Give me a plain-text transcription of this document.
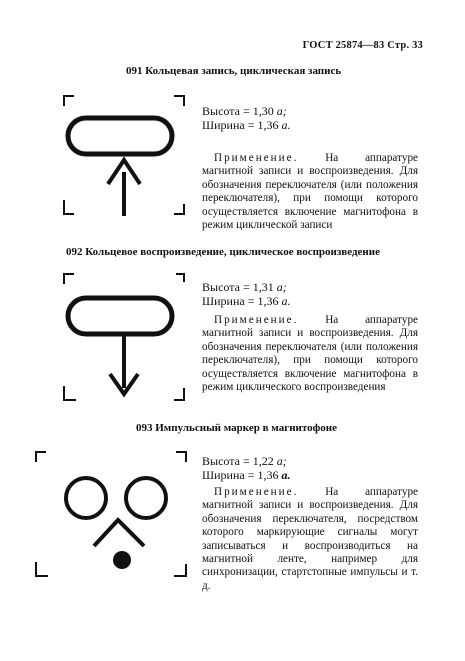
ГОСТ 25874—83 Стр. 33
091 Кольцевая запись, циклическая запись
Высота = 1,30 a;
Ширина = 1,36 a.
Применение. На аппаратуре магнитной записи и воспроизведения. Для обозначения переключателя (или положения переключателя), при помощи которого осуществляется включение магнитофона в режим циклической записи
092 Кольцевое воспроизведение, циклическое воспроизведение
Высота = 1,31 a;
Ширина = 1,36 a.
Применение. На аппаратуре магнитной записи и воспроизведения. Для обозначения переключателя (или положения переключателя), при помощи которого осуществляется включение магнитофона в режим циклического воспроизведения
093 Импульсный маркер в магнитофоне
Высота = 1,22 a;
Ширина = 1,36 a.
Применение. На аппаратуре магнитной записи и воспроизведения. Для обозначения переключателя, посредством которого маркирующие сигналы могут записываться и воспроизводиться на магнитной ленте, например для синхронизации, стартстопные импульсы и т. д.
